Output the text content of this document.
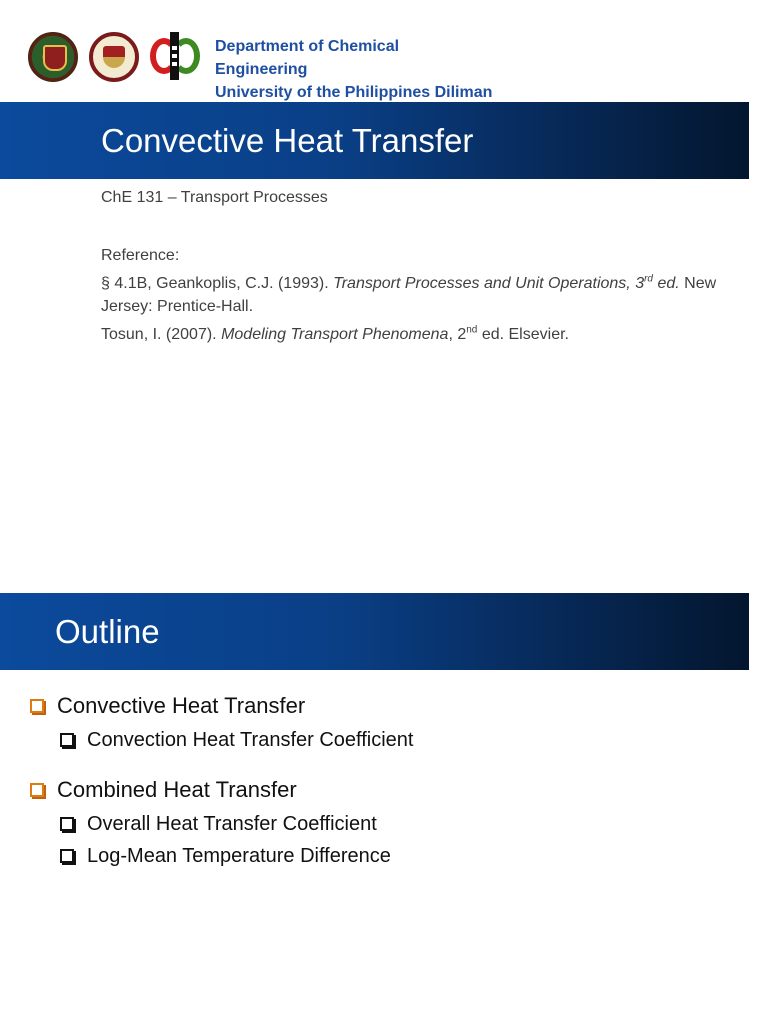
Department of Chemical
Engineering
University of the Philippines Diliman
Convective Heat Transfer

ChE 131 – Transport Processes

Reference:

§ 4.1B, Geankoplis, C.J. (1993). Transport Processes and Unit Operations, 3rd ed. New Jersey: Prentice-Hall.

Tosun, I. (2007). Modeling Transport Phenomena, 2nd ed. Elsevier.

Outline
Convective Heat Transfer
Convection Heat Transfer Coefficient
Combined Heat Transfer
Overall Heat Transfer Coefficient
Log-Mean Temperature Difference
